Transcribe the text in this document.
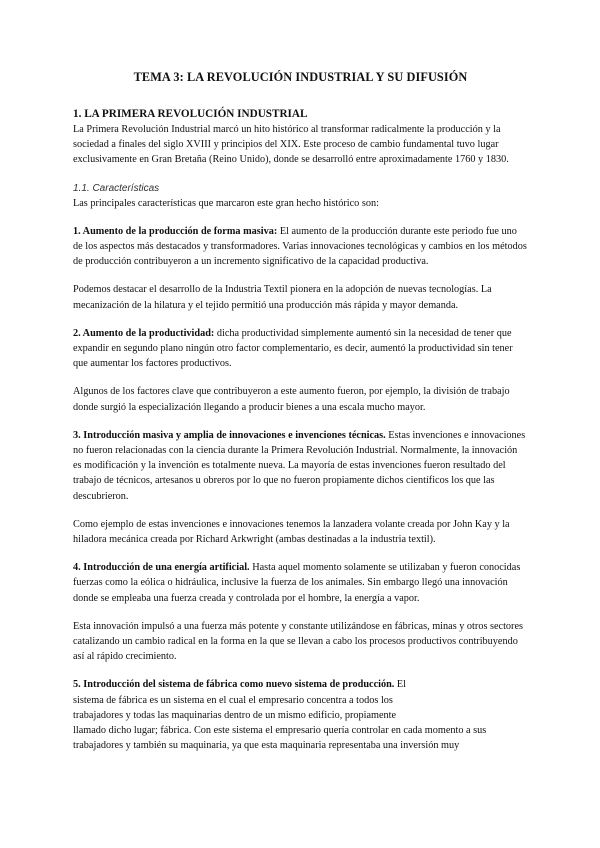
TEMA 3: LA REVOLUCIÓN INDUSTRIAL Y SU DIFUSIÓN
1. LA PRIMERA REVOLUCIÓN INDUSTRIAL

La Primera Revolución Industrial marcó un hito histórico al transformar radicalmente la producción y la sociedad a finales del siglo XVIII y principios del XIX. Este proceso de cambio fundamental tuvo lugar exclusivamente en Gran Bretaña (Reino Unido), donde se desarrolló entre aproximadamente 1760 y 1830.

1.1. Características

Las principales características que marcaron este gran hecho histórico son:

1. Aumento de la producción de forma masiva: El aumento de la producción durante este periodo fue uno de los aspectos más destacados y transformadores. Varias innovaciones tecnológicas y cambios en los métodos de producción contribuyeron a un incremento significativo de la capacidad productiva.

Podemos destacar el desarrollo de la Industria Textil pionera en la adopción de nuevas tecnologías. La mecanización de la hilatura y el tejido permitió una producción más rápida y mayor demanda.

2. Aumento de la productividad: dicha productividad simplemente aumentó sin la necesidad de tener que expandir en segundo plano ningún otro factor complementario, es decir, aumentó la productividad sin tener que aumentar los factores productivos.

Algunos de los factores clave que contribuyeron a este aumento fueron, por ejemplo, la división de trabajo donde surgió la especialización llegando a producir bienes a una escala mucho mayor.

3. Introducción masiva y amplia de innovaciones e invenciones técnicas. Estas invenciones e innovaciones no fueron relacionadas con la ciencia durante la Primera Revolución Industrial. Normalmente, la innovación es modificación y la invención es totalmente nueva. La mayoría de estas invenciones fueron resultado del trabajo de técnicos, artesanos u obreros por lo que no fueron propiamente dichos científicos los que las descubrieron.

Como ejemplo de estas invenciones e innovaciones tenemos la lanzadera volante creada por John Kay y la hiladora mecánica creada por Richard Arkwright (ambas destinadas a la industria textil).

4. Introducción de una energía artificial. Hasta aquel momento solamente se utilizaban y fueron conocidas fuerzas como la eólica o hidráulica, inclusive la fuerza de los animales. Sin embargo llegó una innovación donde se empleaba una fuerza creada y controlada por el hombre, la energía a vapor.

Esta innovación impulsó a una fuerza más potente y constante utilizándose en fábricas, minas y otros sectores catalizando un cambio radical en la forma en la que se llevan a cabo los procesos productivos contribuyendo así al rápido crecimiento.

5. Introducción del sistema de fábrica como nuevo sistema de producción. El
sistema de fábrica es un sistema en el cual el empresario concentra a todos los
trabajadores y todas las maquinarias dentro de un mismo edificio, propiamente
llamado dicho lugar; fábrica. Con este sistema el empresario quería controlar en cada momento a sus
trabajadores y también su maquinaria, ya que esta maquinaria representaba una inversión muy
